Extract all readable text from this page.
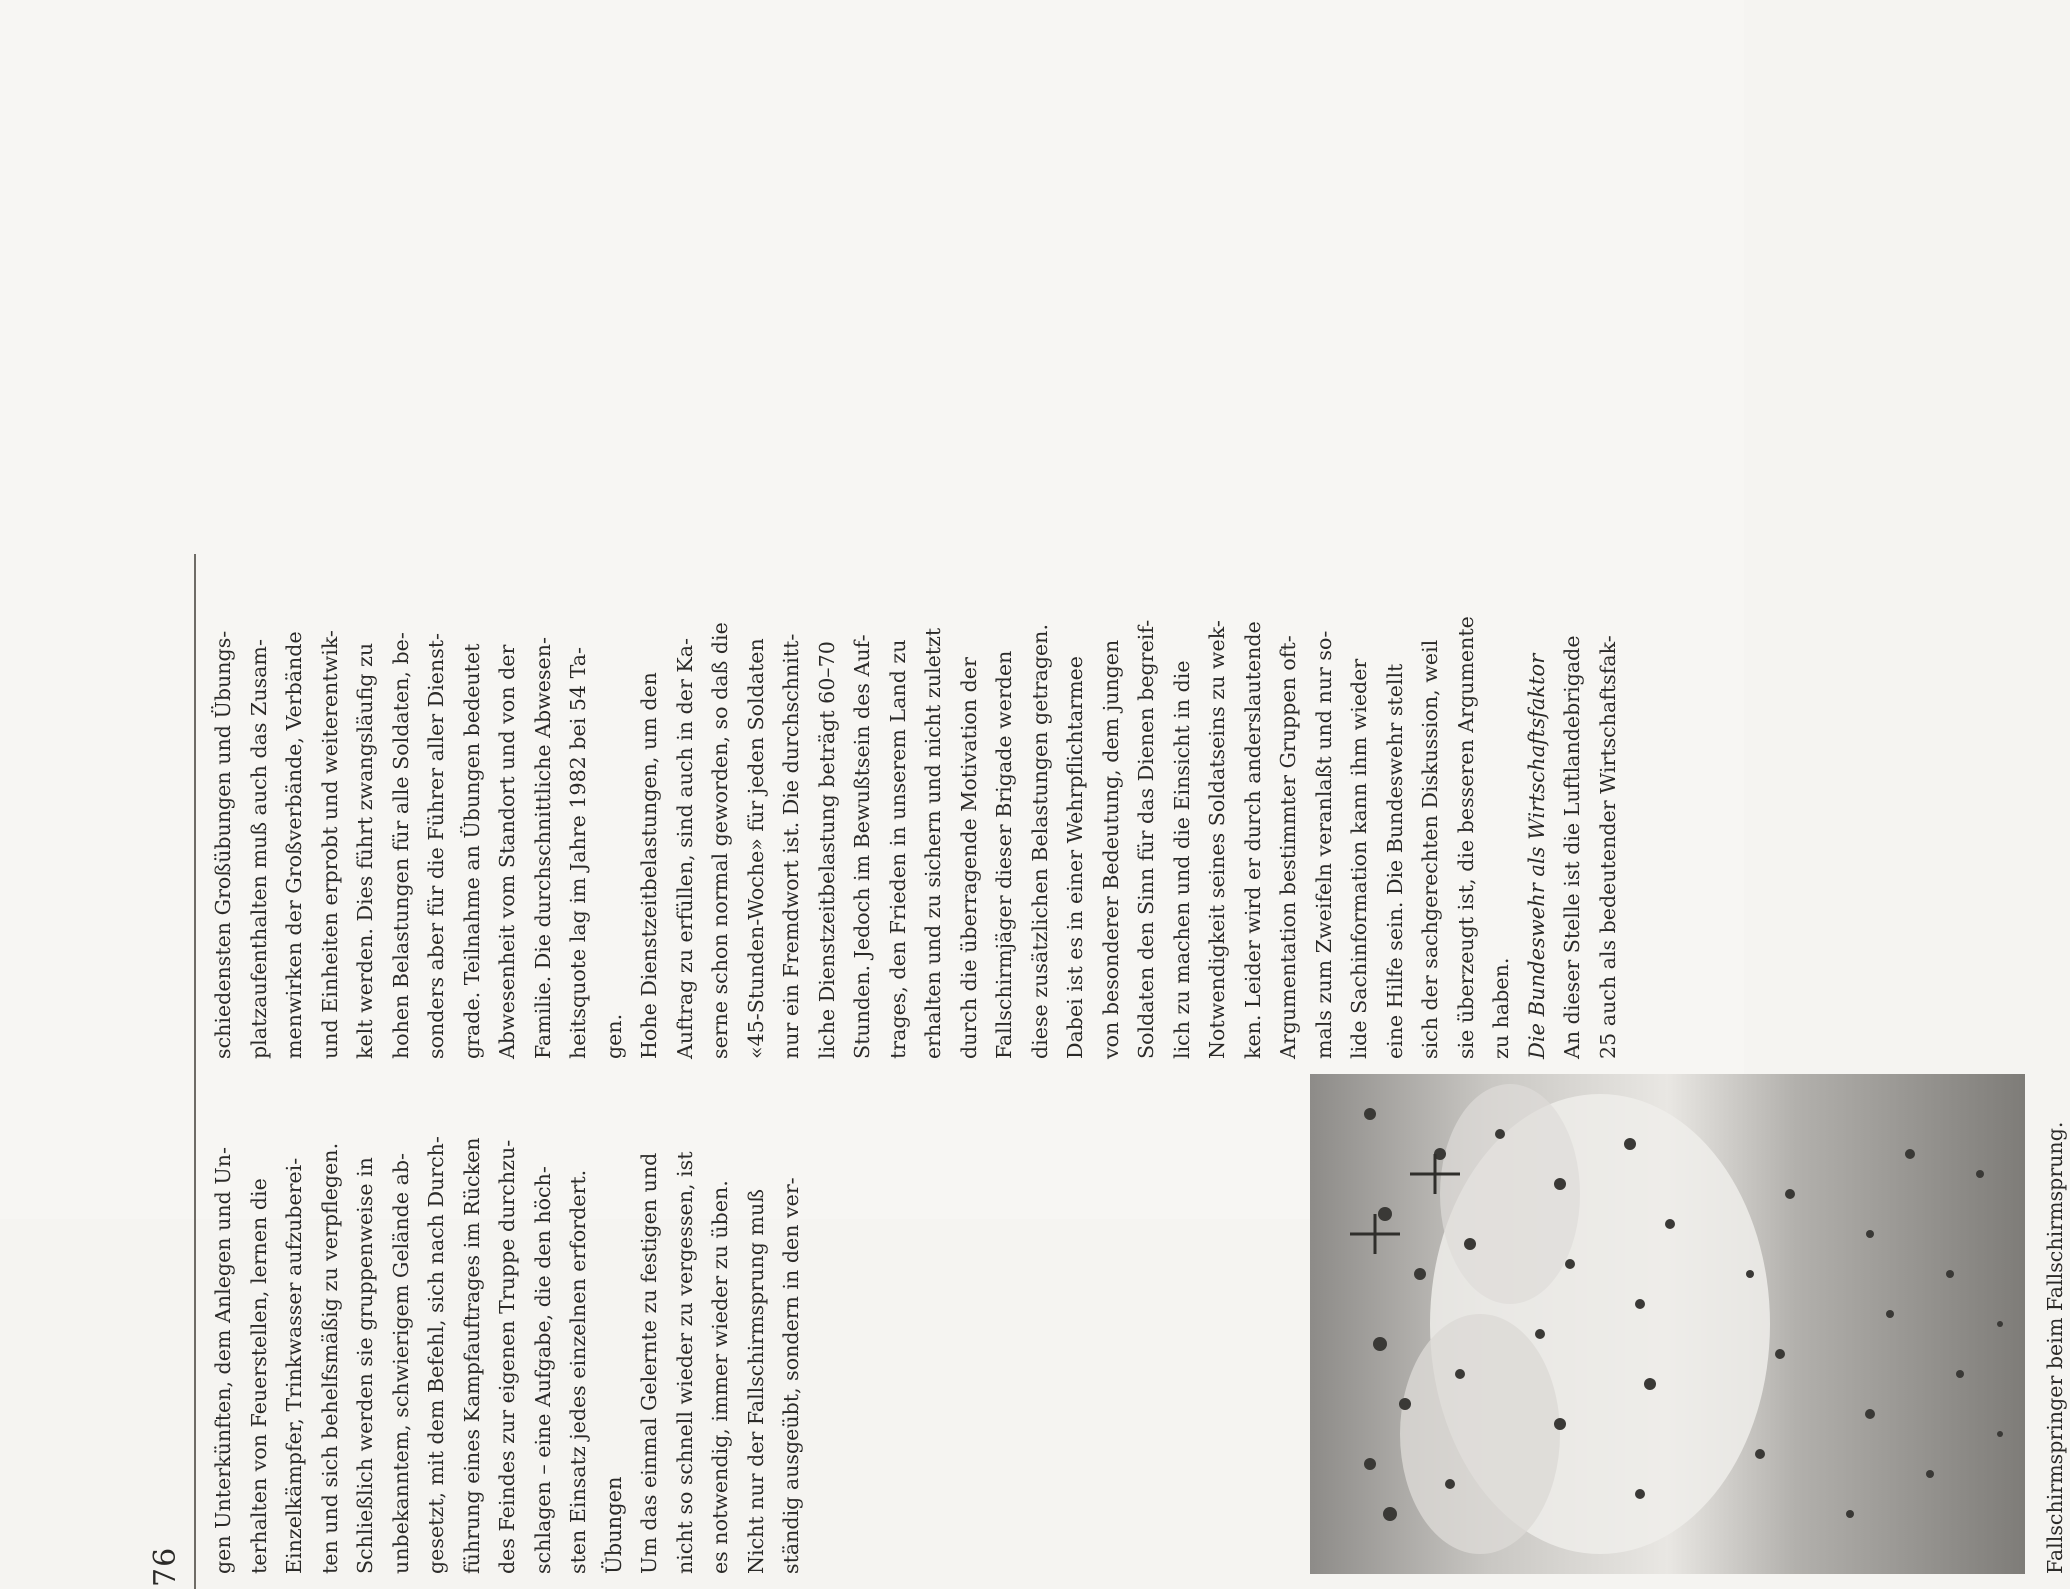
76 gen Unterkünften, dem Anlegen und Un-
terhalten von Feuerstellen, lernen die
Einzelkämpfer, Trinkwasser aufzuberei-
ten und sich behelfsmäßig zu verpflegen.
Schließlich werden sie gruppenweise in
unbekanntem, schwierigem Gelände ab-
gesetzt, mit dem Befehl, sich nach Durch-
führung eines Kampfauftrages im Rücken
des Feindes zur eigenen Truppe durchzu-
schlagen – eine Aufgabe, die den höch-
sten Einsatz jedes einzelnen erfordert.

Übungen Um das einmal Gelernte zu festigen und
nicht so schnell wieder zu vergessen, ist
es notwendig, immer wieder zu üben.
Nicht nur der Fallschirmsprung muß
ständig ausgeübt, sondern in den ver-

schiedensten Großübungen und Übungs-
platzaufenthalten muß auch das Zusam-
menwirken der Großverbände, Verbände
und Einheiten erprobt und weiterentwik-
kelt werden. Dies führt zwangsläufig zu
hohen Belastungen für alle Soldaten, be-
sonders aber für die Führer aller Dienst-
grade. Teilnahme an Übungen bedeutet
Abwesenheit vom Standort und von der
Familie. Die durchschnittliche Abwesen-
heitsquote lag im Jahre 1982 bei 54 Ta-
gen. Hohe Dienstzeitbelastungen, um den
Auftrag zu erfüllen, sind auch in der Ka-
serne schon normal geworden, so daß die
«45-Stunden-Woche» für jeden Soldaten
nur ein Fremdwort ist. Die durchschnitt-
liche Dienstzeitbelastung beträgt 60–70
Stunden. Jedoch im Bewußtsein des Auf-
trages, den Frieden in unserem Land zu
erhalten und zu sichern und nicht zuletzt
durch die überragende Motivation der
Fallschirmjäger dieser Brigade werden
diese zusätzlichen Belastungen getragen.
Dabei ist es in einer Wehrpflichtarmee
von besonderer Bedeutung, dem jungen
Soldaten den Sinn für das Dienen begreif-
lich zu machen und die Einsicht in die
Notwendigkeit seines Soldatseins zu wek-
ken. Leider wird er durch anderslautende
Argumentation bestimmter Gruppen oft-
mals zum Zweifeln veranlaßt und nur so-
lide Sachinformation kann ihm wieder
eine Hilfe sein. Die Bundeswehr stellt
sich der sachgerechten Diskussion, weil
sie überzeugt ist, die besseren Argumente
zu haben. Die Bundeswehr als Wirtschaftsfaktor An dieser Stelle ist die Luftlandebrigade
25 auch als bedeutender Wirtschaftsfak-

Fallschirmspringer beim Fallschirmsprung.
